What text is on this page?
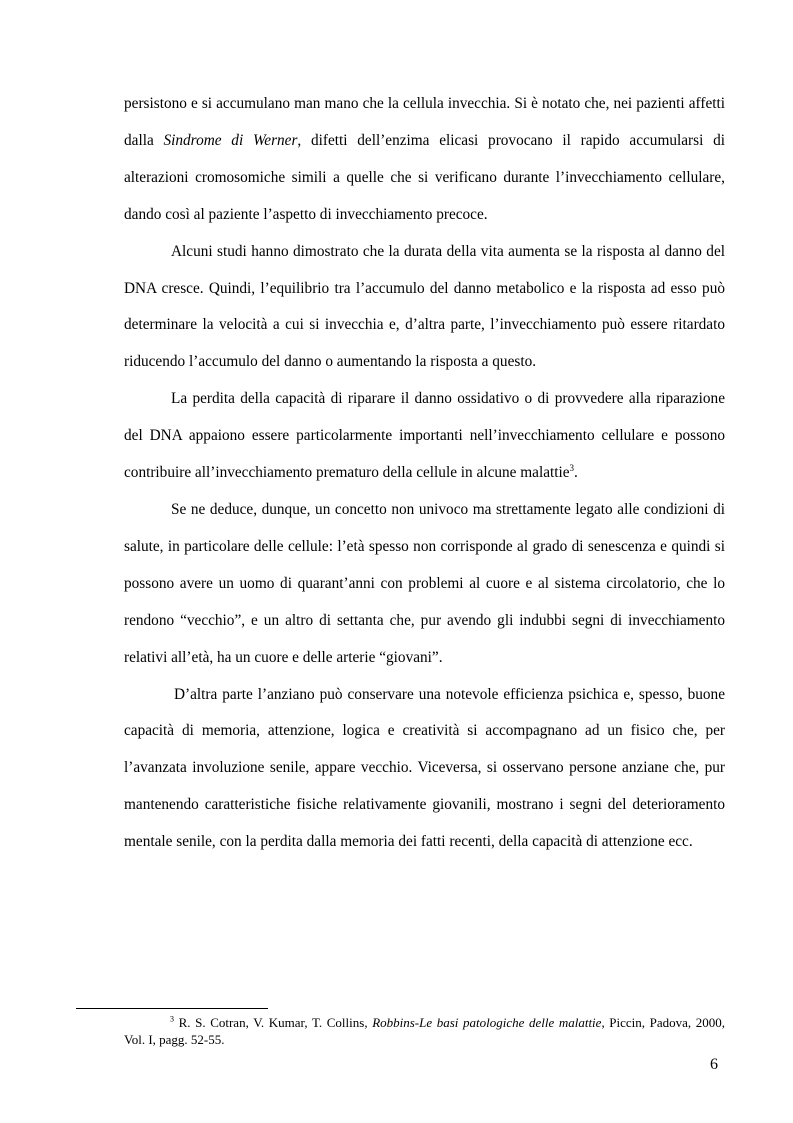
persistono e si accumulano man mano che la cellula invecchia. Si è notato che, nei pazienti affetti dalla Sindrome di Werner, difetti dell’enzima elicasi provocano il rapido accumularsi di alterazioni cromosomiche simili a quelle che si verificano durante l’invecchiamento cellulare, dando così al paziente l’aspetto di invecchiamento precoce.

Alcuni studi hanno dimostrato che la durata della vita aumenta se la risposta al danno del DNA cresce. Quindi, l’equilibrio tra l’accumulo del danno metabolico e la risposta ad esso può determinare la velocità a cui si invecchia e, d’altra parte, l’invecchiamento può essere ritardato riducendo l’accumulo del danno o aumentando la risposta a questo.

La perdita della capacità di riparare il danno ossidativo o di provvedere alla riparazione del DNA appaiono essere particolarmente importanti nell’invecchiamento cellulare e possono contribuire all’invecchiamento prematuro della cellule in alcune malattie$^3$.

Se ne deduce, dunque, un concetto non univoco ma strettamente legato alle condizioni di salute, in particolare delle cellule: l’età spesso non corrisponde al grado di senescenza e quindi si possono avere un uomo di quarant’anni con problemi al cuore e al sistema circolatorio, che lo rendono “vecchio”, e un altro di settanta che, pur avendo gli indubbi segni di invecchiamento relativi all’età, ha un cuore e delle arterie “giovani”.

D’altra parte l’anziano può conservare una notevole efficienza psichica e, spesso, buone capacità di memoria, attenzione, logica e creatività si accompagnano ad un fisico che, per l’avanzata involuzione senile, appare vecchio. Viceversa, si osservano persone anziane che, pur mantenendo caratteristiche fisiche relativamente giovanili, mostrano i segni del deterioramento mentale senile, con la perdita dalla memoria dei fatti recenti, della capacità di attenzione ecc.

$^3$ R. S. Cotran, V. Kumar, T. Collins, Robbins-Le basi patologiche delle malattie, Piccin, Padova, 2000, Vol. I, pagg. 52-55.

6
